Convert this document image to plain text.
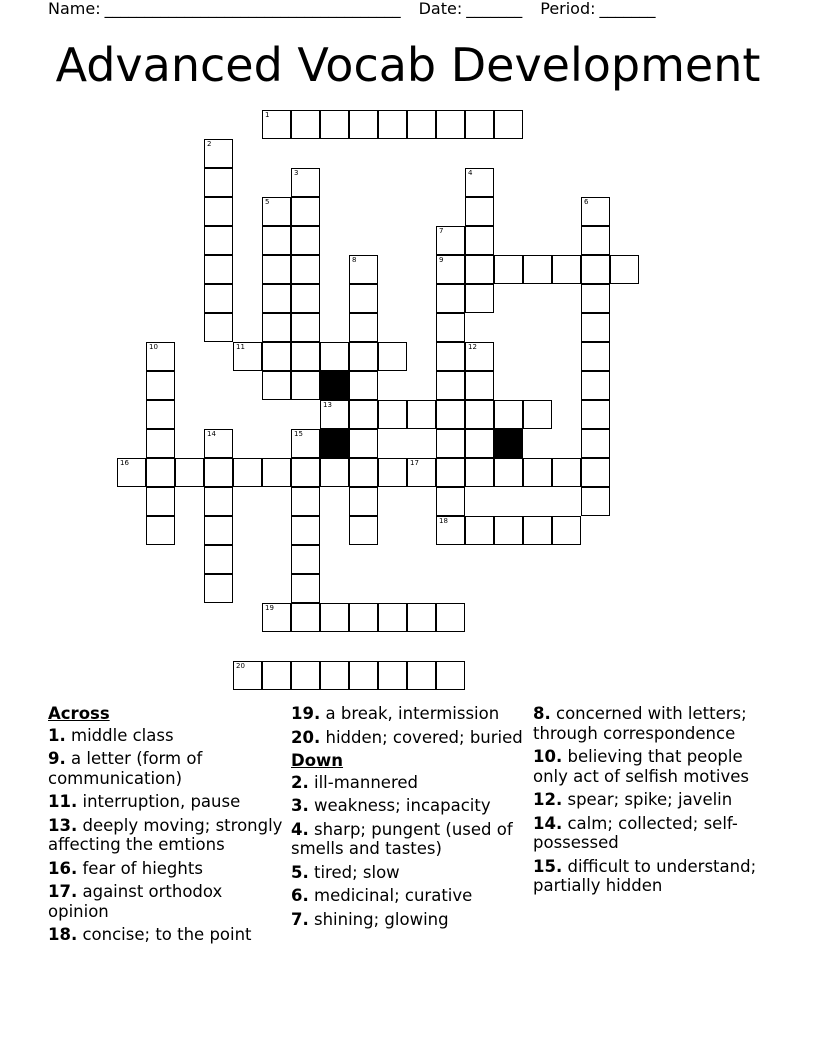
Name: _____________________________________ Date: _______ Period: _______
Advanced Vocab Development
1
2
3	4
5	6
7
9
18
8
10	11	12
13
14	15
16	17
19
20
Across
1. middle class
9. a letter (form of communication)
11. interruption, pause
13. deeply moving; strongly affecting the emtions
16. fear of hieghts
17. against orthodox opinion
18. concise; to the point
19. a break, intermission
20. hidden; covered; buried
Down
2. ill-mannered
3. weakness; incapacity
4. sharp; pungent (used of smells and tastes)
5. tired; slow
6. medicinal; curative
7. shining; glowing
8. concerned with letters; through correspondence
10. believing that people only act of selfish motives
12. spear; spike; javelin
14. calm; collected; self-possessed
15. difficult to understand; partially hidden
